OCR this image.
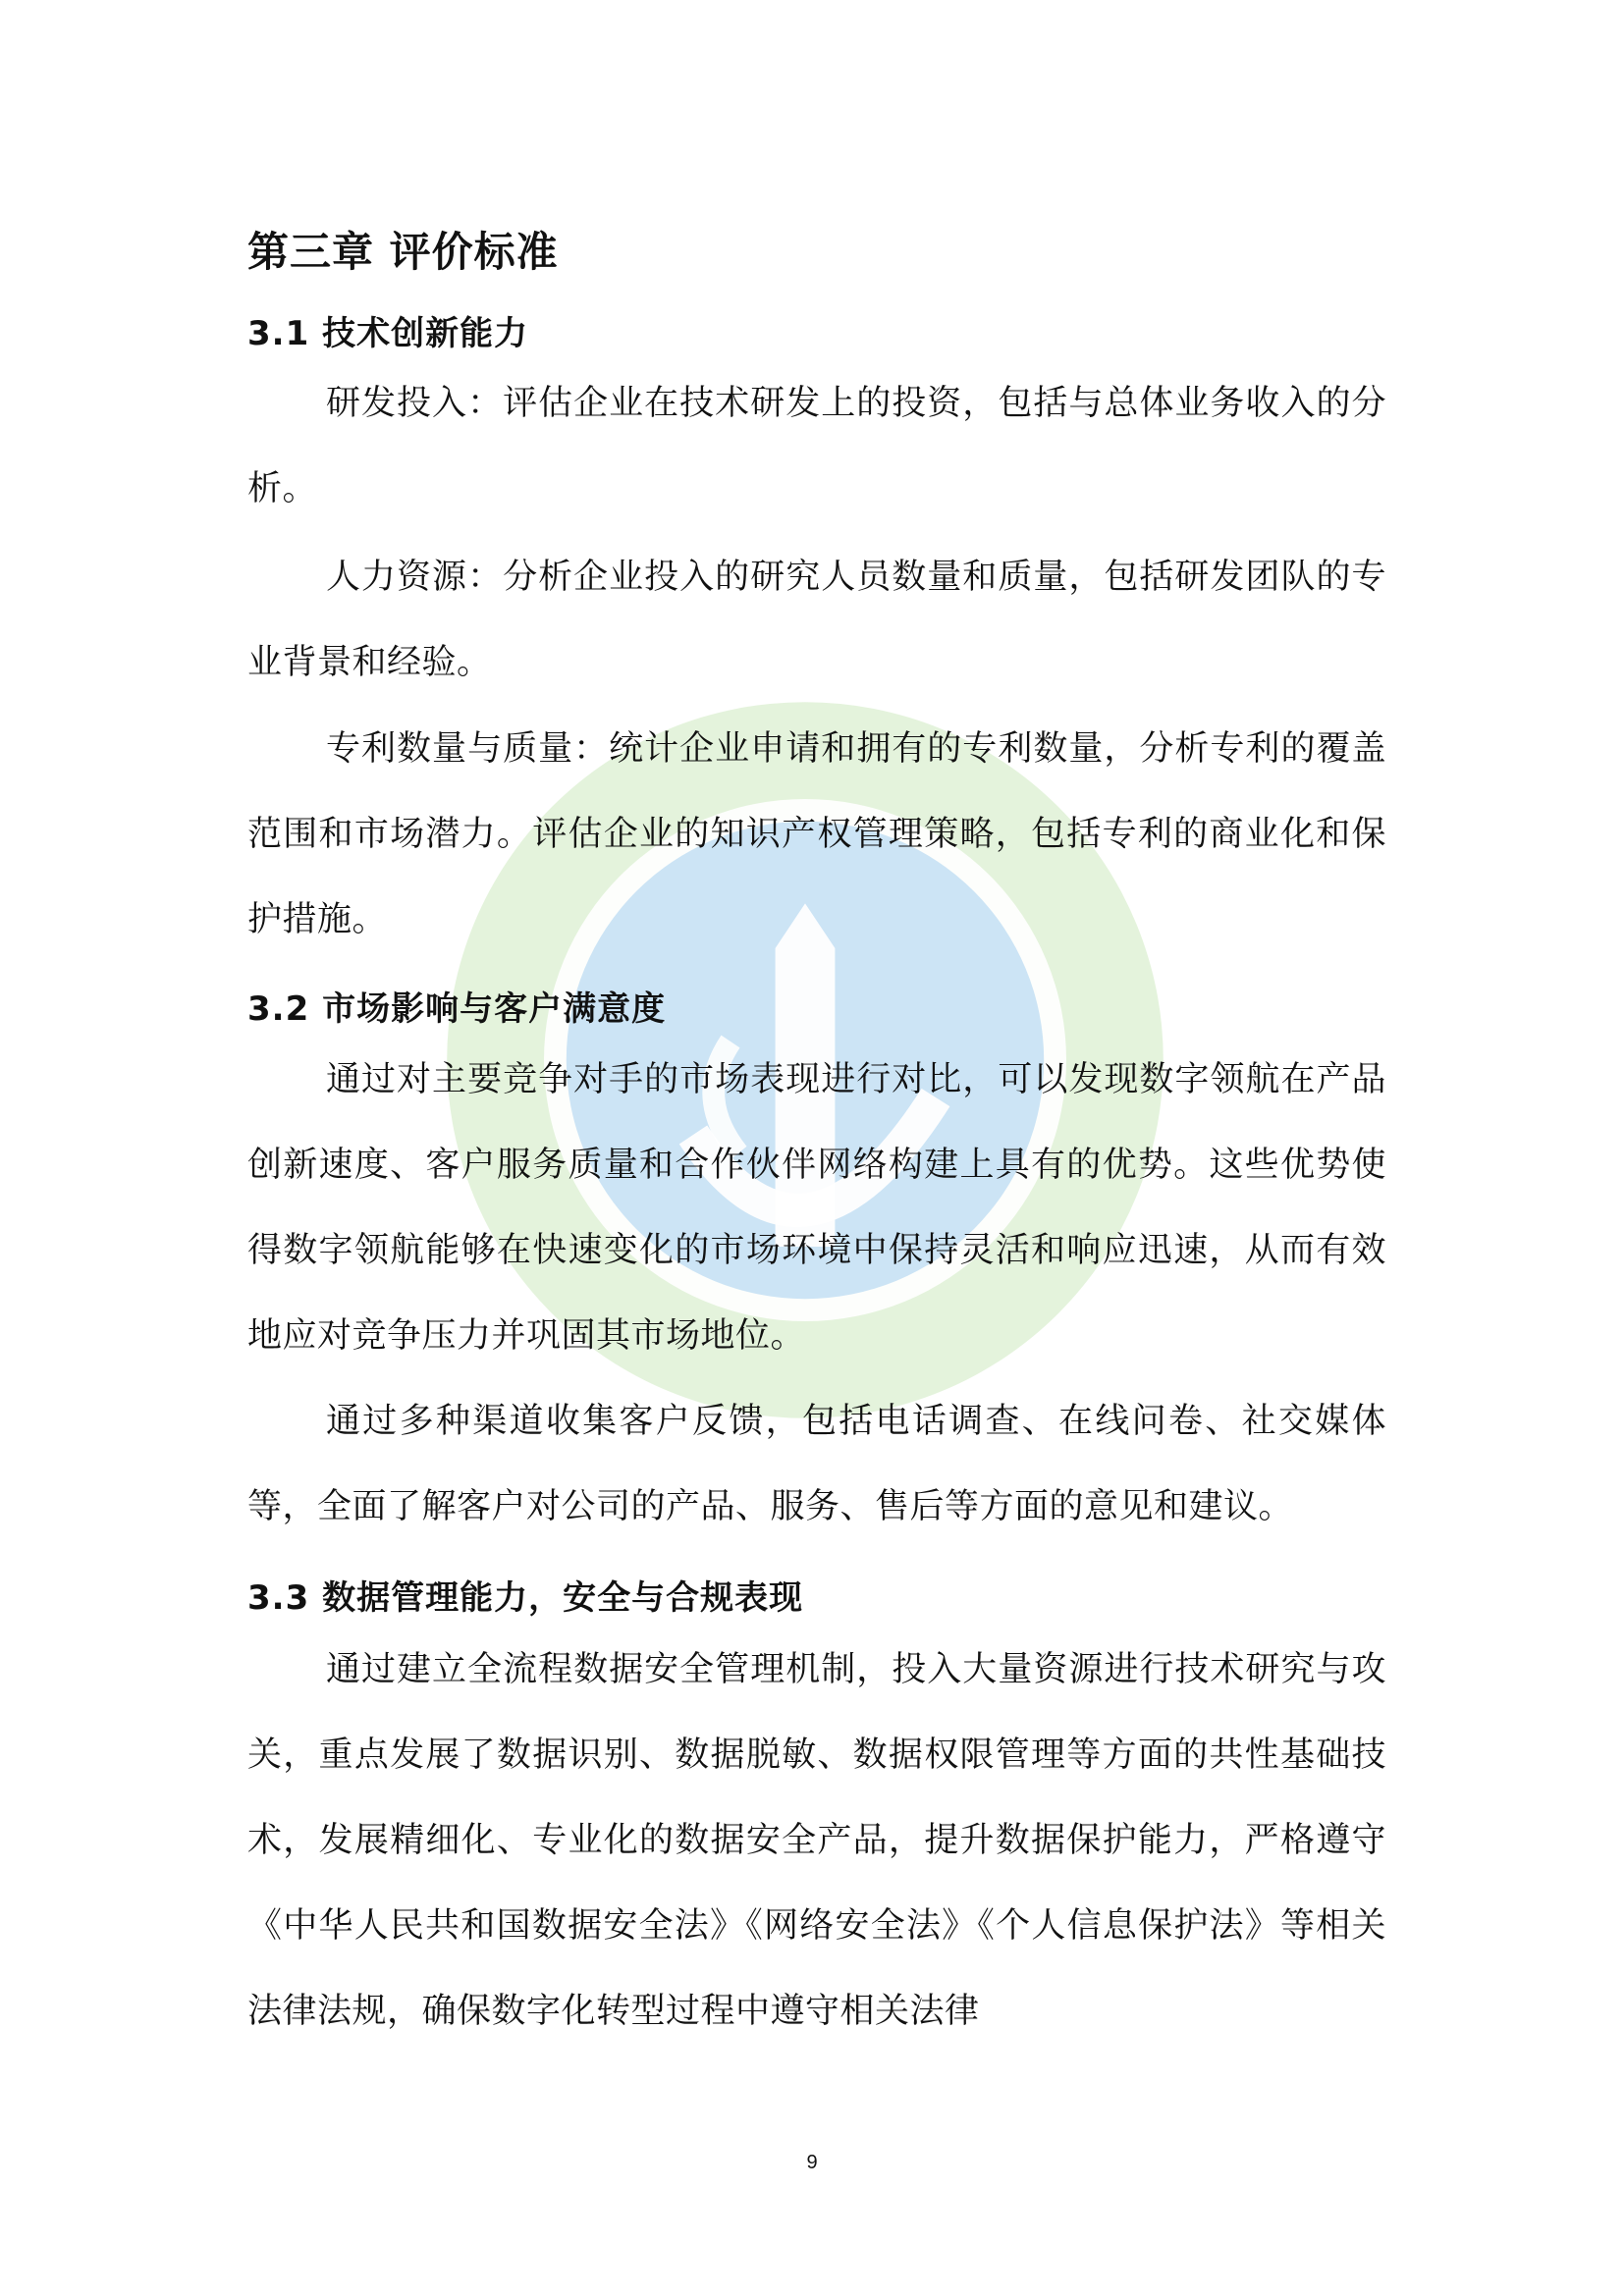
第三章 评价标准
3.1 技术创新能力

研发投入：评估企业在技术研发上的投资，包括与总体业务收入的分析。

人力资源：分析企业投入的研究人员数量和质量，包括研发团队的专业背景和经验。

专利数量与质量：统计企业申请和拥有的专利数量，分析专利的覆盖范围和市场潜力。评估企业的知识产权管理策略，包括专利的商业化和保护措施。

3.2 市场影响与客户满意度

通过对主要竞争对手的市场表现进行对比，可以发现数字领航在产品创新速度、客户服务质量和合作伙伴网络构建上具有的优势。这些优势使得数字领航能够在快速变化的市场环境中保持灵活和响应迅速，从而有效地应对竞争压力并巩固其市场地位。

通过多种渠道收集客户反馈，包括电话调查、在线问卷、社交媒体等，全面了解客户对公司的产品、服务、售后等方面的意见和建议。

3.3 数据管理能力，安全与合规表现

通过建立全流程数据安全管理机制，投入大量资源进行技术研究与攻关，重点发展了数据识别、数据脱敏、数据权限管理等方面的共性基础技术，发展精细化、专业化的数据安全产品，提升数据保护能力，严格遵守《中华人民共和国数据安全法》《网络安全法》《个人信息保护法》等相关法律法规，确保数字化转型过程中遵守相关法律

9
